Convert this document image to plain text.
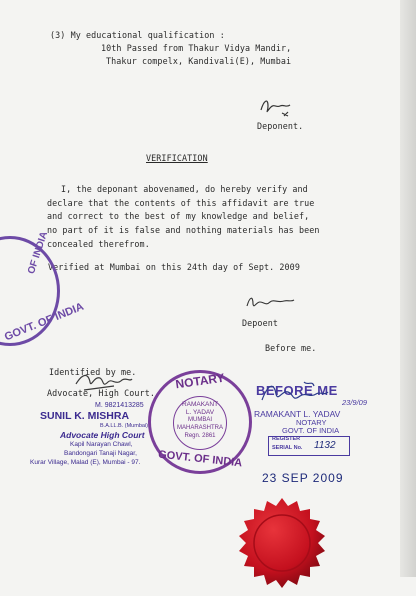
(3) My educational qualification :
10th Passed from Thakur Vidya Mandir,
Thakur compelx, Kandivali(E), Mumbai
Deponent.
VERIFICATION
I, the deponant abovenamed, do hereby verify and
declare that the contents of this affidavit are true
and correct to the best of my knowledge and belief,
no part of it is false and nothing materials has been
concealed therefrom.
Verified at Mumbai on this 24th day of Sept. 2009
OF INDIA
GOVT. OF INDIA	Depoent
Before me.
Identified by me.
Advocate, High Court.
M. 9821413285
SUNIL K. MISHRA
B.A.LL.B. (Mumbai)
Advocate High Court
Kapil Narayan Chawl,
Bandongari Tanaji Nagar,
Kurar Village, Malad (E), Mumbai - 97.
NOTARY
RAMAKANT
L. YADAV
MUMBAI
MAHARASHTRA
Regn. 2861
GOVT. OF INDIA
BEFORE ME
23/9/09
RAMAKANT L. YADAV
NOTARY
GOVT. OF INDIA
REGISTER
SERIAL No. 1132
23 SEP 2009
